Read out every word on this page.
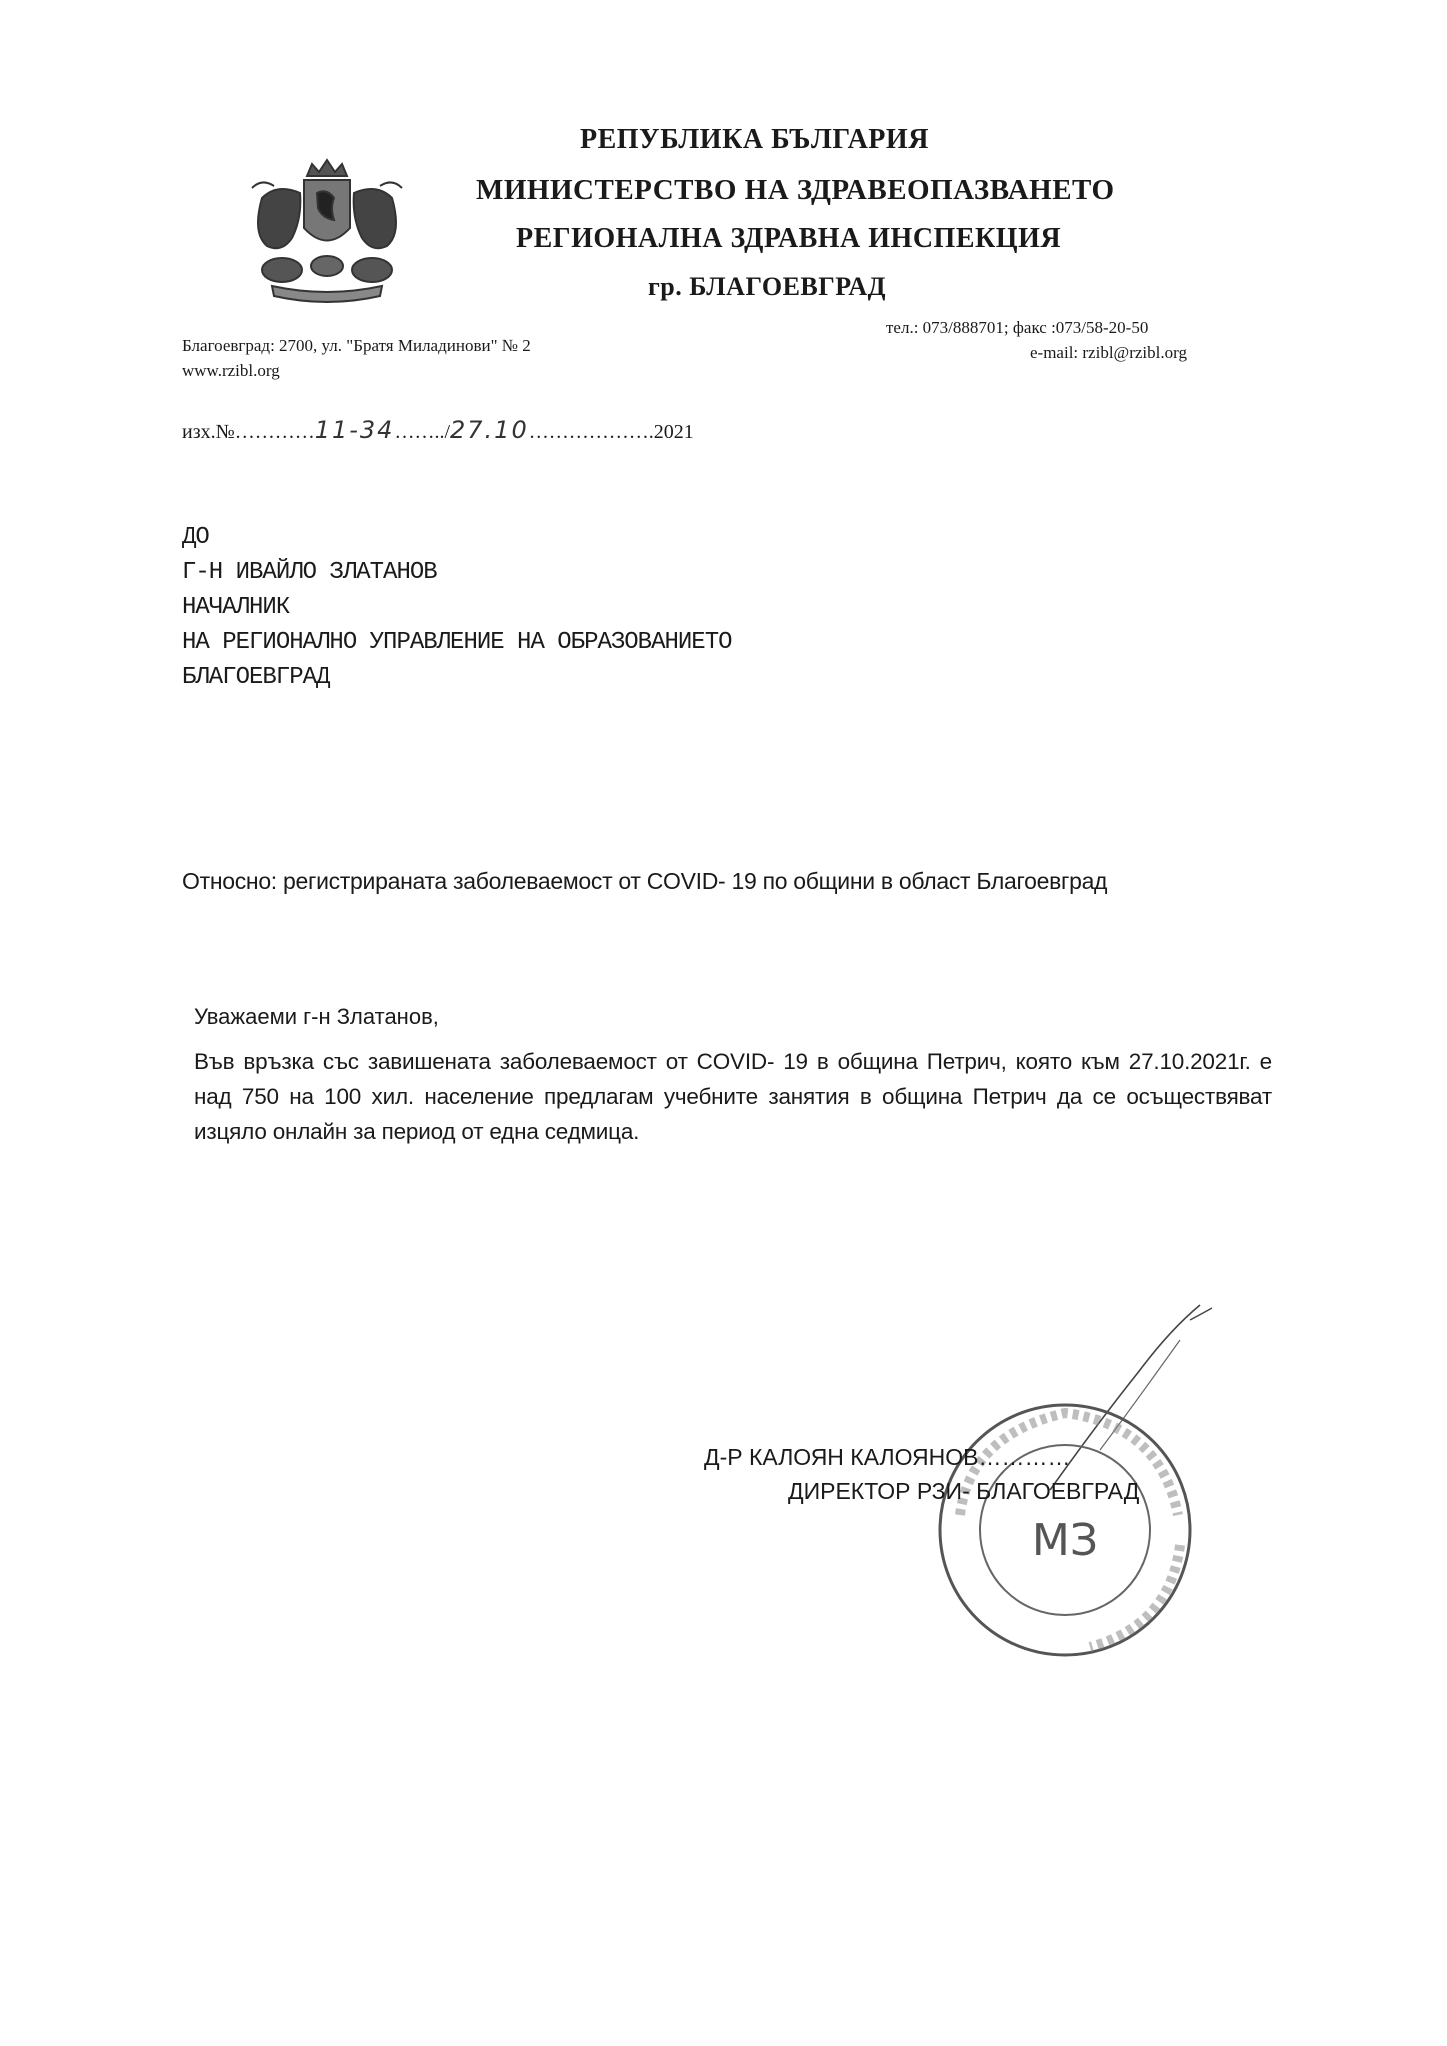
РЕПУБЛИКА БЪЛГАРИЯ
МИНИСТЕРСТВО НА ЗДРАВЕОПАЗВАНЕТО
РЕГИОНАЛНА ЗДРАВНА ИНСПЕКЦИЯ
гр. БЛАГОЕВГРАД
Благоевград: 2700, ул. "Братя Миладинови" № 2
www.rzibl.org
тел.: 073/888701; факс :073/58-20-50
e-mail: rzibl@rzibl.org
изх.№…………11-34……../27.10……………….2021
ДО
Г-Н ИВАЙЛО ЗЛАТАНОВ
НАЧАЛНИК
НА РЕГИОНАЛНО УПРАВЛЕНИЕ НА ОБРАЗОВАНИЕТО
БЛАГОЕВГРАД
Относно: регистрираната заболеваемост от COVID- 19 по общини в област Благоевград
Уважаеми г-н Златанов,
Във връзка със завишената заболеваемост от COVID- 19 в община Петрич, която към 27.10.2021г. е над 750 на 100 хил. население предлагам учебните занятия в община Петрич да се осъществяват изцяло онлайн за период от една седмица.
МЗ
Д-Р КАЛОЯН КАЛОЯНОВ…………
ДИРЕКТОР РЗИ- БЛАГОЕВГРАД
